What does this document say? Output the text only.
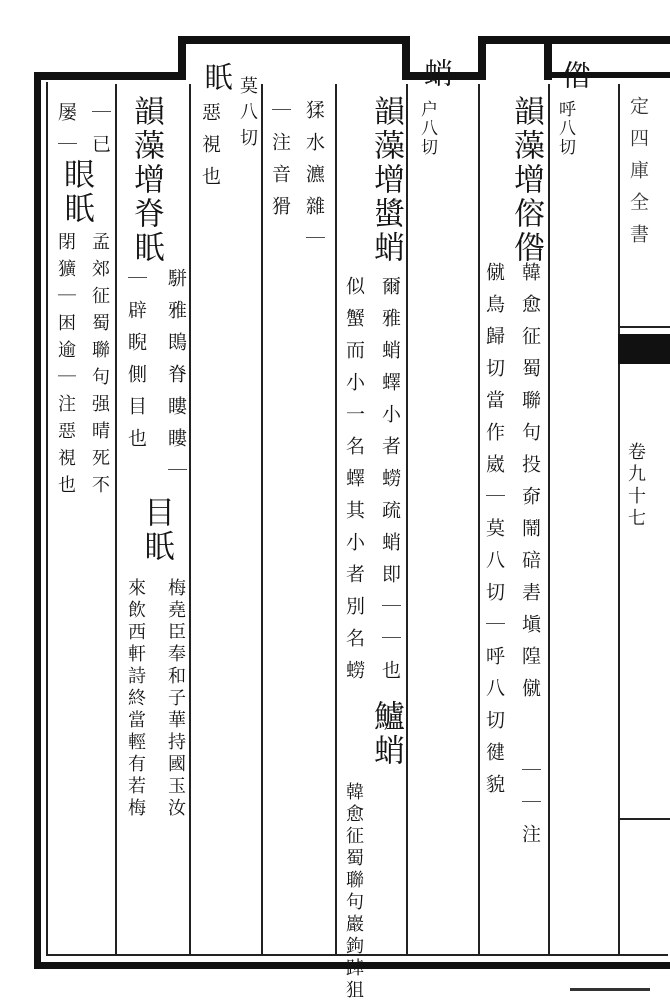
定四庫全書
卷九十七
偺
呼八切
韻藻增傛偺
韓愈征蜀聯句投奅鬧碚砉塡隍僦
僦鳥歸切當作崴｜莫八切｜呼八切徤貌
｜｜注
蛸
户八切
韻藻增螿蛸
爾雅蛸蠌小者蟧疏蛸即｜｜也
似蟹而小一名蠌其小者別名蟧
鱸蛸
韓愈征蜀聯句巖鉤踔狙
猱水瀌雜｜
｜注音猾
眂 莫八切
惡視也
韻藻增脊眂
駢雅鵖脊瞜瞜｜
｜辟睨側目也
目眂
梅堯臣奉和子華持國玉汝
來飲西軒詩終當輕有若梅
｜已
眼眂
孟郊征蜀聯句强晴死不
閉獷｜困逾｜注惡視也
屡｜
